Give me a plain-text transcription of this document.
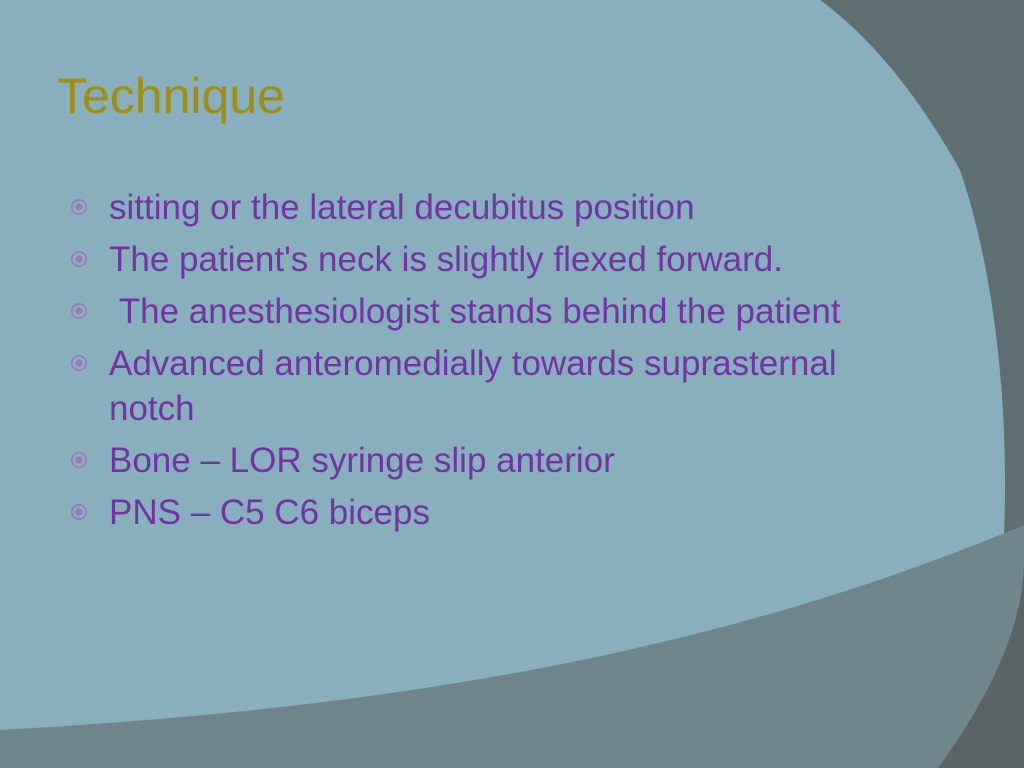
Technique
sitting or the lateral decubitus position
The patient's neck is slightly flexed forward.
The anesthesiologist stands behind the patient
Advanced anteromedially towards suprasternal notch
Bone – LOR syringe slip anterior
PNS – C5 C6 biceps
